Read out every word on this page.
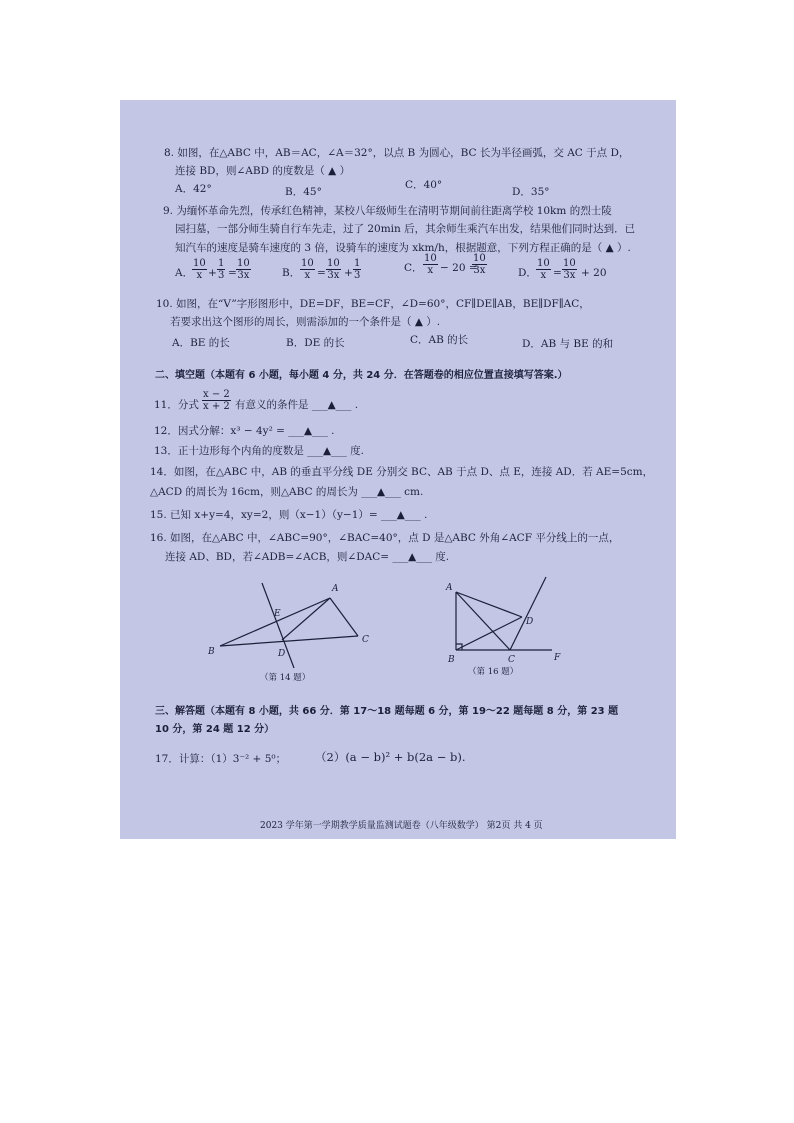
8. 如图，在△ABC 中，AB＝AC，∠A＝32°，以点 B 为圆心，BC 长为半径画弧，交 AC 于点 D，
连接 BD，则∠ABD 的度数是（ ▲ ）
A．42°	B．45°
C．40°
D．35°
9. 为缅怀革命先烈，传承红色精神，某校八年级师生在清明节期间前往距离学校 10km 的烈士陵
园扫墓，一部分师生骑自行车先走，过了 20min 后，其余师生乘汽车出发，结果他们同时达到．已
知汽车的速度是骑车速度的 3 倍，设骑车的速度为 xkm/h，根据题意，下列方程正确的是（ ▲ ）.
A．
$\frac{10}{x} + \frac{1}{3} = \frac{10}{3x}$	B． $\frac{10}{x} = \frac{10}{3x} + \frac{1}{3}$	C． $\frac{10}{x} - 20$ =
$\frac{10}{3x}$	D． $\frac{10}{x} = \frac{10}{3x} + 20$
10. 如图，在“V”字形图形中，DE=DF，BE=CF，∠D=60°，CF∥DE∥AB，BE∥DF∥AC，
若要求出这个图形的周长，则需添加的一个条件是（ ▲ ）.
A．BE 的长	B．DE 的长	C．AB 的长	D．AB 与 BE 的和
二、填空题（本题有 6 小题，每小题 4 分，共 24 分．在答题卷的相应位置直接填写答案.）
11．分式 $\frac{x - 2}{x + 2}$ 有意义的条件是 ___▲___ .
12．因式分解：x³ − 4y² = ___▲___ .
13．正十边形每个内角的度数是 ___▲___ 度.
14．如图，在△ABC 中，AB 的垂直平分线 DE 分别交 BC、AB 于点 D、点 E，连接 AD．若 AE=5cm，
△ACD 的周长为 16cm，则△ABC 的周长为 ___▲___ cm.
15. 已知 x+y=4，xy=2，则（x−1）（y−1）= ___▲___ .
16. 如图，在△ABC 中，∠ABC=90°，∠BAC=40°，点 D 是△ABC 外角∠ACF 平分线上的一点，
连接 AD、BD，若∠ADB=∠ACB，则∠DAC= ___▲___ 度.
A
B
C
D
E
（第 14 题）
A
B	C
D
F
（第 16 题）
三、解答题（本题有 8 小题，共 66 分．第 17～18 题每题 6 分，第 19～22 题每题 8 分，第 23 题
10 分，第 24 题 12 分）
17．计算：（1）3⁻² + 5⁰；	（2）(a − b)² + b(2a − b).
2023 学年第一学期教学质量监测试题卷（八年级数学） 第2页 共 4 页
